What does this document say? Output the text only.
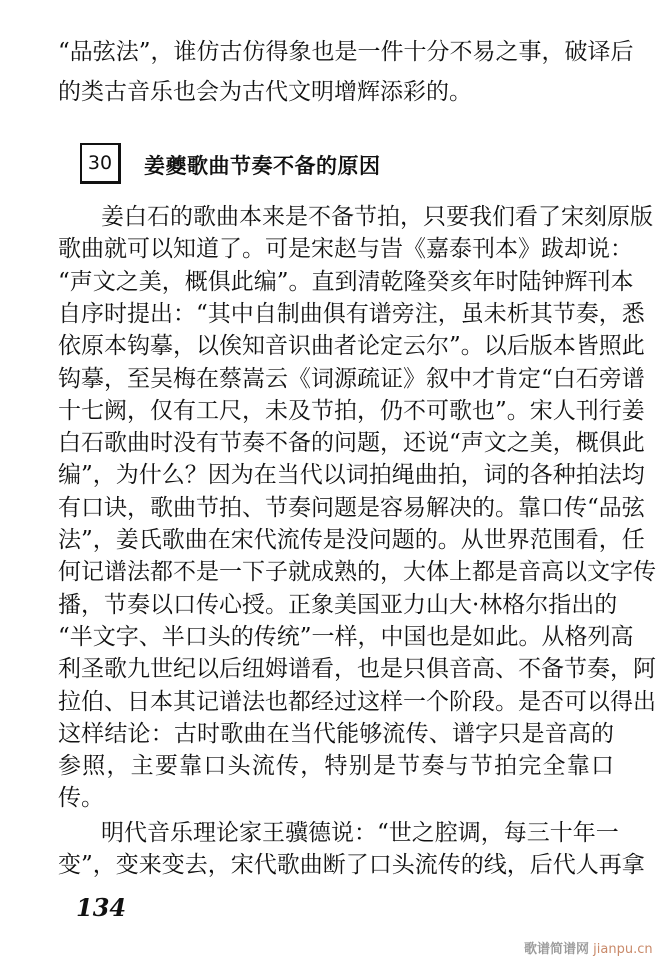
“品弦法”，谁仿古仿得象也是一件十分不易之事，破译后
的类古音乐也会为古代文明增辉添彩的。
30	姜夔歌曲节奏不备的原因
姜白石的歌曲本来是不备节拍，只要我们看了宋刻原版
歌曲就可以知道了。可是宋赵与旹《嘉泰刊本》跋却说：
“声文之美，概俱此编”。直到清乾隆癸亥年时陆钟辉刊本
自序时提出：“其中自制曲俱有谱旁注，虽未析其节奏，悉
依原本钩摹，以俟知音识曲者论定云尔”。以后版本皆照此
钩摹，至吴梅在蔡嵩云《词源疏证》叙中才肯定“白石旁谱
十七阙，仅有工尺，未及节拍，仍不可歌也”。宋人刊行姜
白石歌曲时没有节奏不备的问题，还说“声文之美，概俱此
编”，为什么？因为在当代以词拍绳曲拍，词的各种拍法均
有口诀，歌曲节拍、节奏问题是容易解决的。靠口传“品弦
法”，姜氏歌曲在宋代流传是没问题的。从世界范围看，任
何记谱法都不是一下子就成熟的，大体上都是音高以文字传
播，节奏以口传心授。正象美国亚力山大·林格尔指出的
“半文字、半口头的传统”一样，中国也是如此。从格列高
利圣歌九世纪以后纽姆谱看，也是只俱音高、不备节奏，阿
拉伯、日本其记谱法也都经过这样一个阶段。是否可以得出
这样结论：古时歌曲在当代能够流传、谱字只是音高的
参照，主要靠口头流传，特别是节奏与节拍完全靠口
传。
明代音乐理论家王骥德说：“世之腔调，每三十年一
变”，变来变去，宋代歌曲断了口头流传的线，后代人再拿
134
歌谱简谱网 jianpu.cn
